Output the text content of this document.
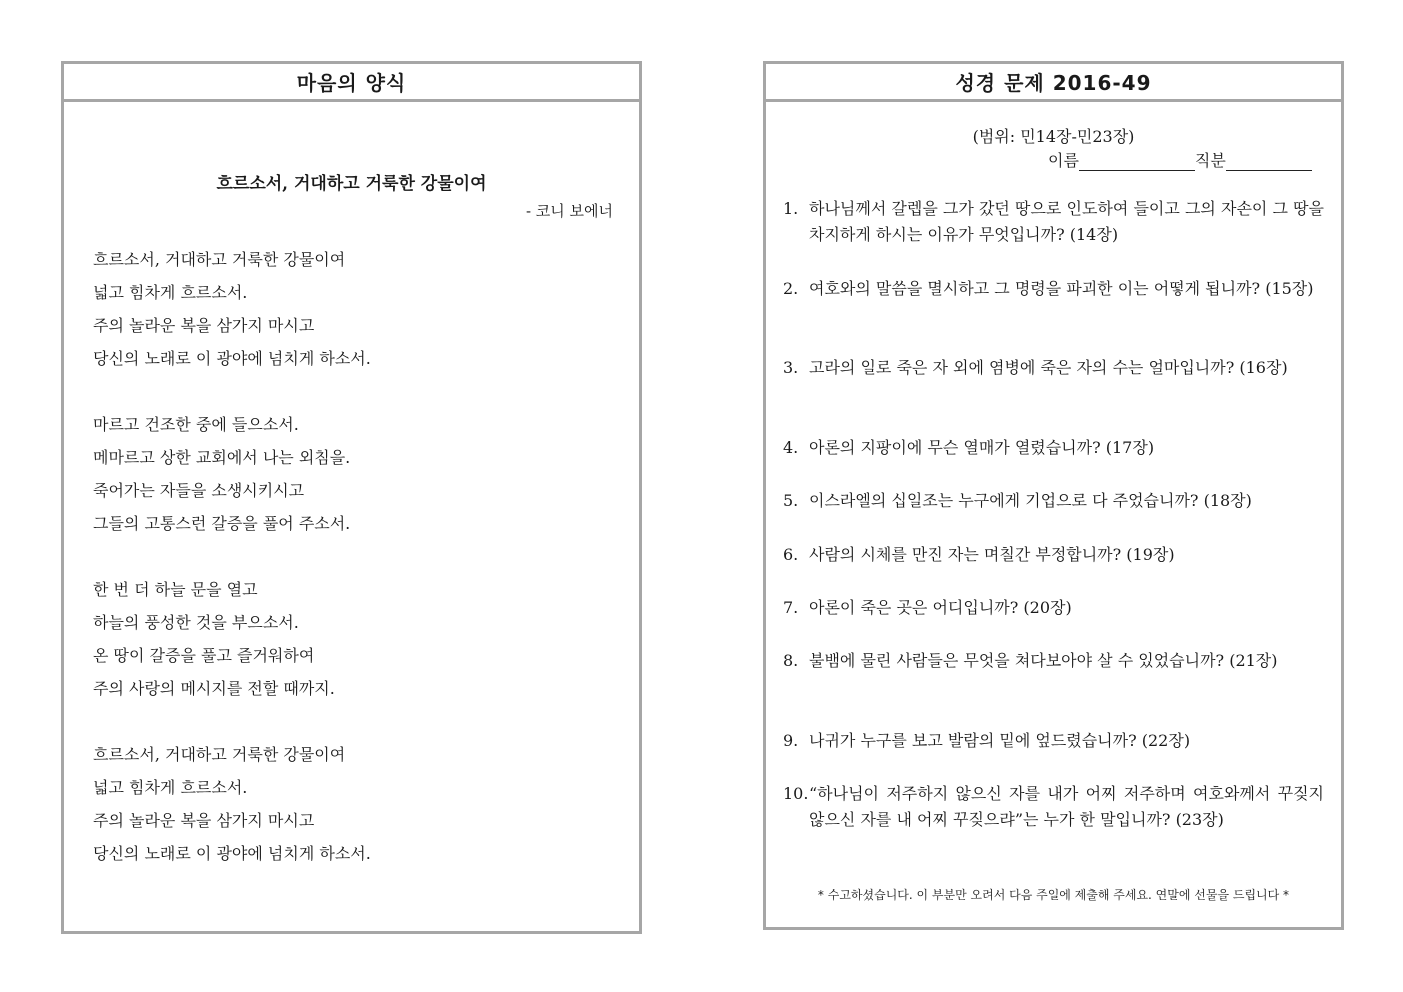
마음의 양식
흐르소서, 거대하고 거룩한 강물이여
- 코니 보에너
흐르소서, 거대하고 거룩한 강물이여
넓고 힘차게 흐르소서.
주의 놀라운 복을 삼가지 마시고
당신의 노래로 이 광야에 넘치게 하소서.
마르고 건조한 중에 들으소서.
메마르고 상한 교회에서 나는 외침을.
죽어가는 자들을 소생시키시고
그들의 고통스런 갈증을 풀어 주소서.
한 번 더 하늘 문을 열고
하늘의 풍성한 것을 부으소서.
온 땅이 갈증을 풀고 즐거워하여
주의 사랑의 메시지를 전할 때까지.
흐르소서, 거대하고 거룩한 강물이여
넓고 힘차게 흐르소서.
주의 놀라운 복을 삼가지 마시고
당신의 노래로 이 광야에 넘치게 하소서.
성경 문제 2016-49
(범위: 민14장-민23장)
이름	직분
1. 하나님께서 갈렙을 그가 갔던 땅으로 인도하여 들이고 그의 자손이 그 땅을 차지하게 하시는 이유가 무엇입니까? (14장)
2. 여호와의 말씀을 멸시하고 그 명령을 파괴한 이는 어떻게 됩니까? (15장)
3. 고라의 일로 죽은 자 외에 염병에 죽은 자의 수는 얼마입니까? (16장)
4. 아론의 지팡이에 무슨 열매가 열렸습니까? (17장)
5. 이스라엘의 십일조는 누구에게 기업으로 다 주었습니까? (18장)
6. 사람의 시체를 만진 자는 며칠간 부정합니까? (19장)
7. 아론이 죽은 곳은 어디입니까? (20장)
8. 불뱀에 물린 사람들은 무엇을 쳐다보아야 살 수 있었습니까? (21장)
9. 나귀가 누구를 보고 발람의 밑에 엎드렸습니까? (22장)
10. “하나님이 저주하지 않으신 자를 내가 어찌 저주하며 여호와께서 꾸짖지 않으신 자를 내 어찌 꾸짖으랴”는 누가 한 말입니까? (23장)
* 수고하셨습니다. 이 부분만 오려서 다음 주일에 제출해 주세요. 연말에 선물을 드립니다 *
